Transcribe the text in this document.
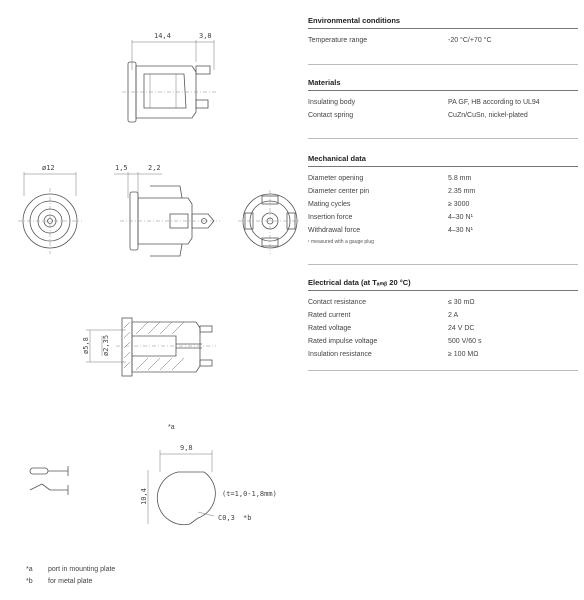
14,4	3,8
ø12	1,5	2,2
ø5,8 ø2,35
9,8
10,4	(t=1,0-1,8mm)
C0,3 *b
*a
Environmental conditions
Temperature range	-20 °C/+70 °C
Materials
Insulating body	PA GF, HB according to UL94
Contact spring	CuZn/CuSn, nickel-plated
Mechanical data
Diameter opening	5.8 mm
Diameter center pin	2.35 mm
Mating cycles	≥ 3000
Insertion force	4–30 N¹
Withdrawal force	4–30 N¹
¹ measured with a gauge plug
Electrical data (at Tₐₘᵦ 20 °C)
Contact resistance	≤ 30 mΩ
Rated current	2 A
Rated voltage	24 V DC
Rated impulse voltage	500 V/60 s
Insulation resistance	≥ 100 MΩ
*a	port in mounting plate
*b	for metal plate
